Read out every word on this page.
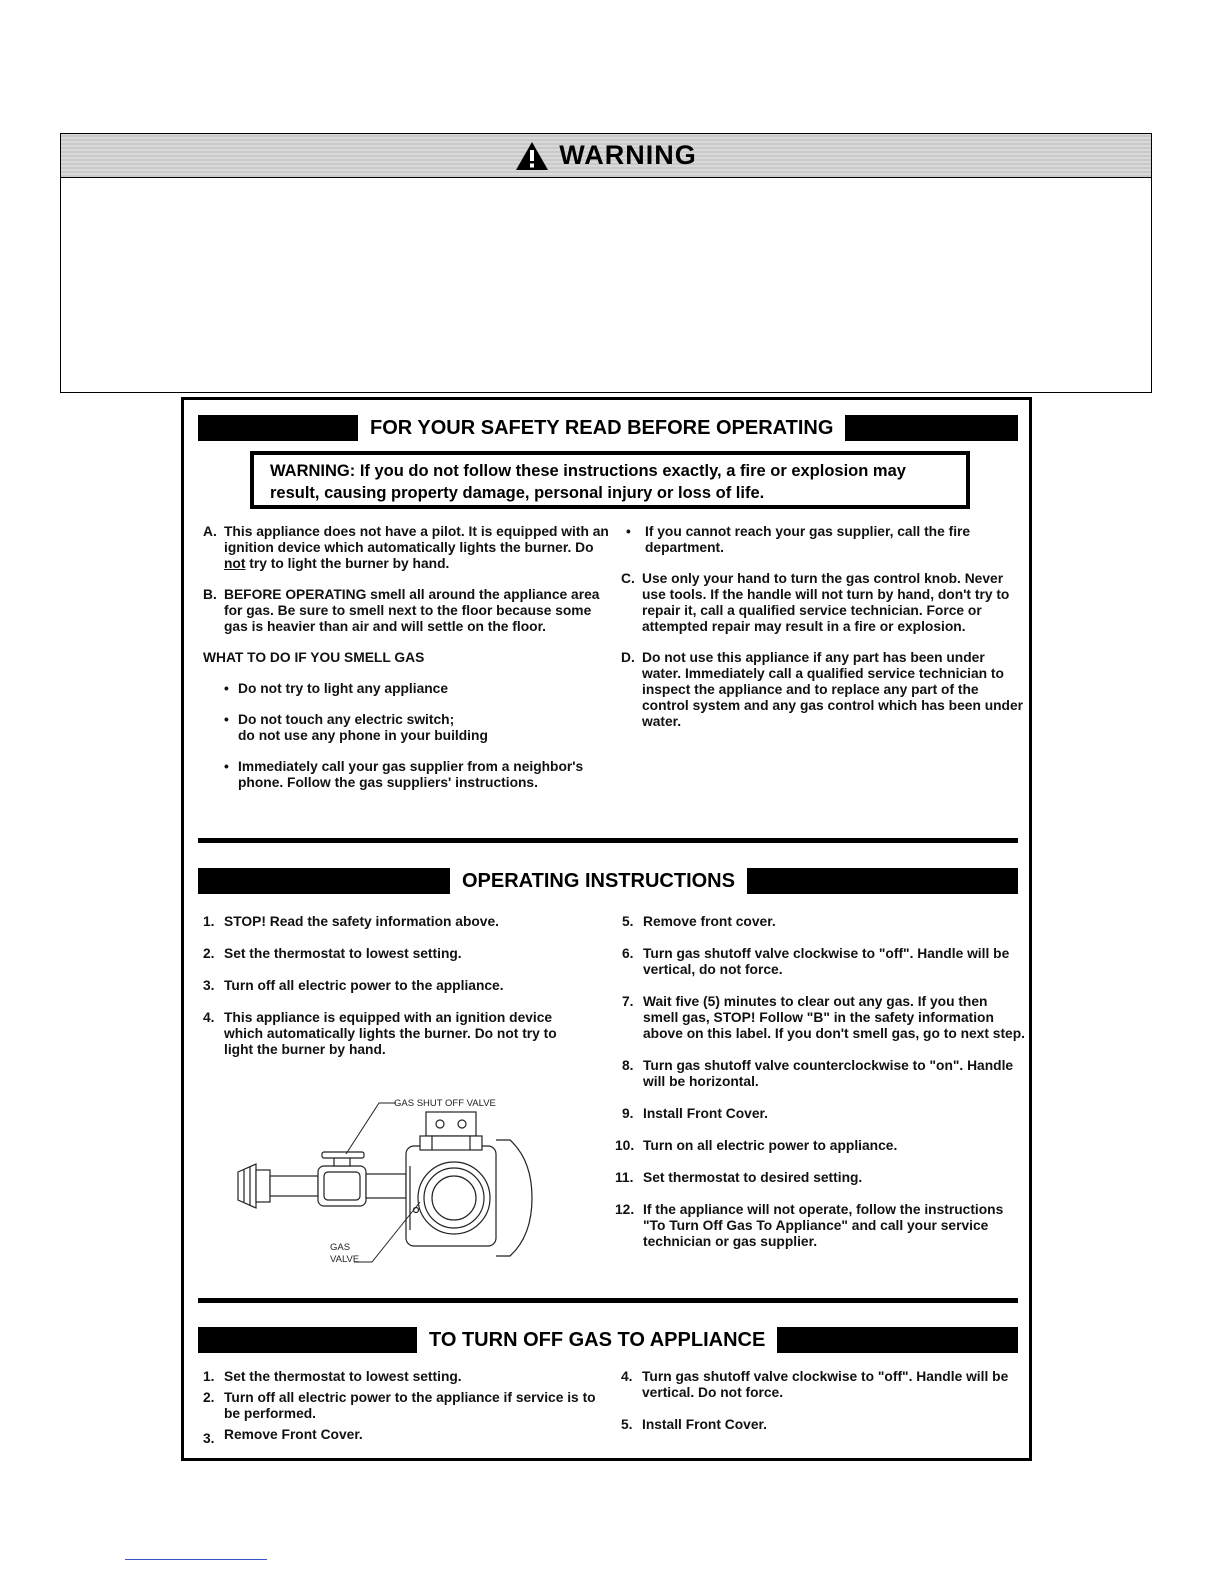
WARNING
FOR YOUR SAFETY READ BEFORE OPERATING
WARNING: If you do not follow these instructions exactly, a fire or explosion may
result, causing property damage, personal injury or loss of life.
A. This appliance does not have a pilot. It is equipped with an ignition device which automatically lights the burner. Do not try to light the burner by hand.
B. BEFORE OPERATING smell all around the appliance area for gas. Be sure to smell next to the floor because some gas is heavier than air and will settle on the floor.
WHAT TO DO IF YOU SMELL GAS
• Do not try to light any appliance
• Do not touch any electric switch;
do not use any phone in your building
• Immediately call your gas supplier from a neighbor's phone. Follow the gas suppliers' instructions.
• If you cannot reach your gas supplier, call the fire department.
C. Use only your hand to turn the gas control knob. Never use tools. If the handle will not turn by hand, don't try to repair it, call a qualified service technician. Force or attempted repair may result in a fire or explosion.
D. Do not use this appliance if any part has been under water. Immediately call a qualified service technician to inspect the appliance and to replace any part of the control system and any gas control which has been under water.
OPERATING INSTRUCTIONS
1. STOP! Read the safety information above.
2. Set the thermostat to lowest setting.
3. Turn off all electric power to the appliance.
4. This appliance is equipped with an ignition device which automatically lights the burner. Do not try to light the burner by hand.
GAS SHUT OFF VALVE
GAS
VALVE
5. Remove front cover.
6. Turn gas shutoff valve clockwise to "off". Handle will be vertical, do not force.
7. Wait five (5) minutes to clear out any gas. If you then smell gas, STOP! Follow "B" in the safety information above on this label. If you don't smell gas, go to next step.
8. Turn gas shutoff valve counterclockwise to "on". Handle will be horizontal.
9. Install Front Cover.
10. Turn on all electric power to appliance.
11. Set thermostat to desired setting.
12. If the appliance will not operate, follow the instructions "To Turn Off Gas To Appliance" and call your service technician or gas supplier.
TO TURN OFF GAS TO APPLIANCE
1. Set the thermostat to lowest setting.
2. Turn off all electric power to the appliance if service is to be performed.
3. Remove Front Cover.
4. Turn gas shutoff valve clockwise to "off". Handle will be vertical. Do not force.
5. Install Front Cover.
